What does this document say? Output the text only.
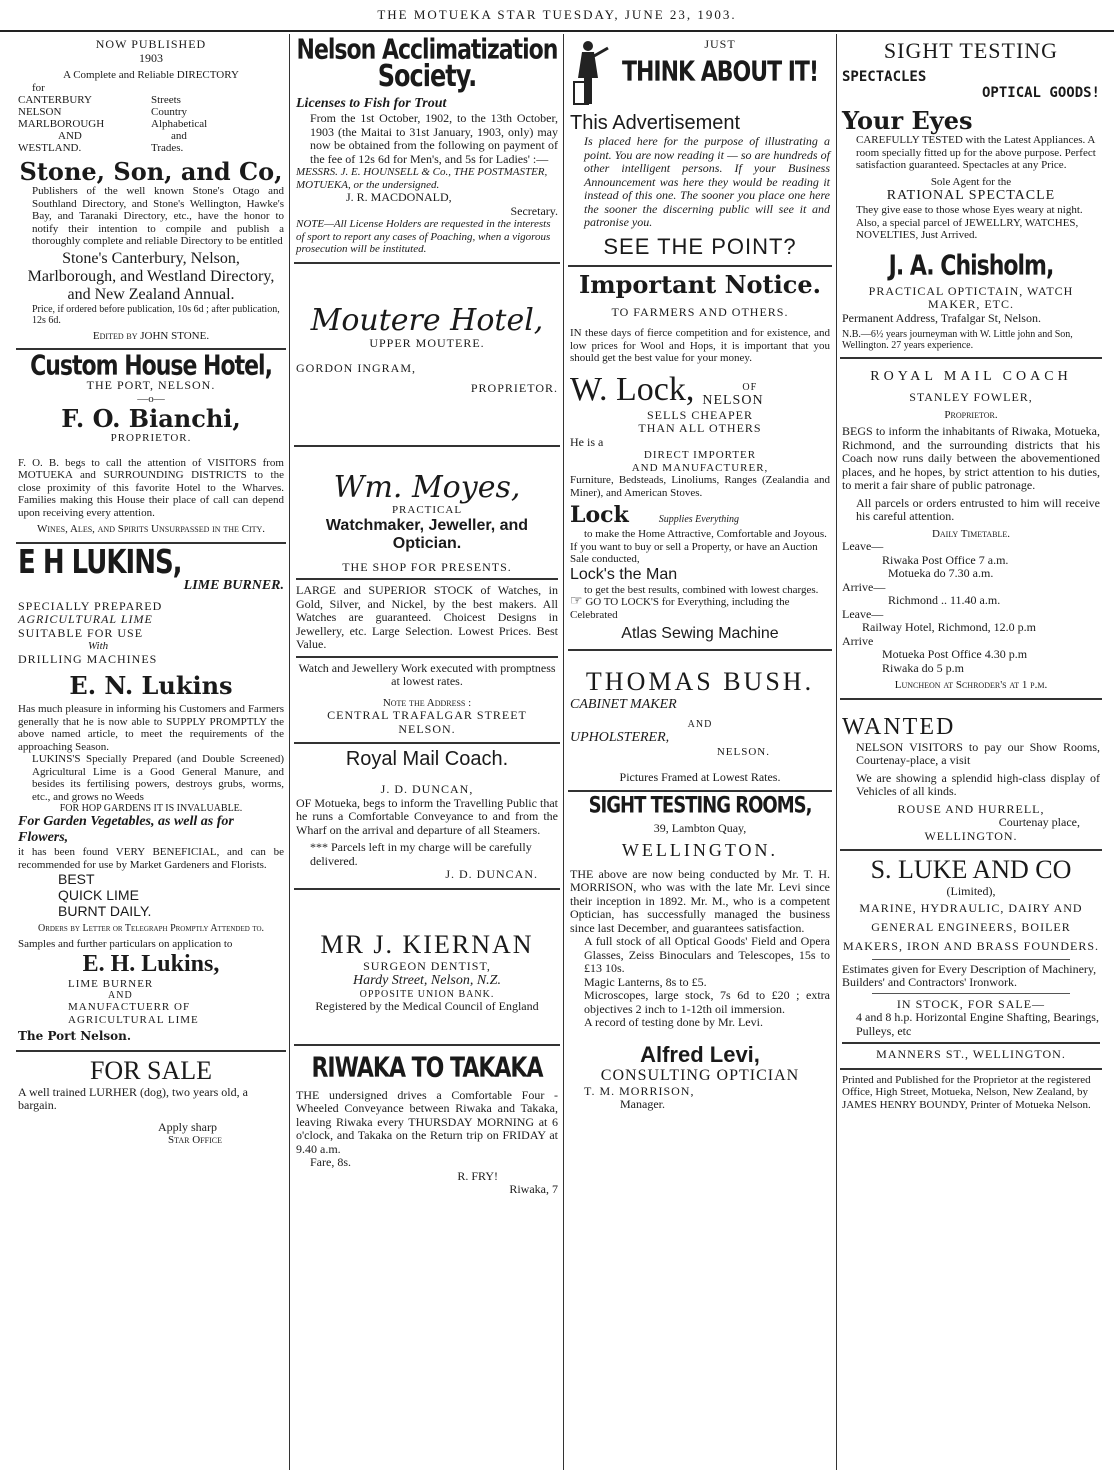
THE MOTUEKA STAR TUESDAY, JUNE 23, 1903.

NOW PUBLISHED

1903

A Complete and Reliable DIRECTORY

for

CANTERBURY

NELSON

MARLBOROUGH

AND

WESTLAND.

Streets

Country

Alphabetical

and

Trades.

Stone, Son, and Co,

Publishers of the well known Stone's Otago and Southland Directory, and Stone's Wellington, Hawke's Bay, and Taranaki Directory, etc., have the honor to notify their intention to compile and publish a thoroughly complete and reliable Directory to be entitled

Stone's Canterbury, Nelson, Marlborough, and Westland Directory, and New Zealand Annual.

Price, if ordered before publication, 10s 6d ; after publication, 12s 6d.

Edited by JOHN STONE.

Custom House Hotel,

THE PORT, NELSON.

—o—

F. O. Bianchi,

PROPRIETOR.

F. O. B. begs to call the attention of VISITORS from MOTUEKA and SURROUNDING DISTRICTS to the close proximity of this favorite Hotel to the Wharves. Families making this House their place of call can depend upon receiving every attention.

Wines, Ales, and Spirits Unsurpassed in the City.

E H LUKINS,

LIME BURNER.

SPECIALLY PREPARED

AGRICULTURAL LIME

SUITABLE FOR USE

With

DRILLING MACHINES

E. N. Lukins

Has much pleasure in informing his Customers and Farmers generally that he is now able to SUPPLY PROMPTLY the above named article, to meet the requirements of the approaching Season.

LUKINS'S Specially Prepared (and Double Screened) Agricultural Lime is a Good General Manure, and besides its fertilising powers, destroys grubs, worms, etc., and grows no Weeds

FOR HOP GARDENS IT IS INVALUABLE.

For Garden Vegetables, as well as for Flowers,

it has been found VERY BENEFICIAL, and can be recommended for use by Market Gardeners and Florists.

BEST

QUICK LIME

BURNT DAILY.

Orders by Letter or Telegraph Promptly Attended to.

Samples and further particulars on application to

E. H. Lukins,

LIME BURNER

AND

MANUFACTUERR OF

AGRICULTURAL LIME

The Port Nelson.

FOR SALE

A well trained LURHER (dog), two years old, a bargain.

Apply sharp

Star Office

Nelson Acclimatization

Society.

Licenses to Fish for Trout

From the 1st October, 1902, to the 13th October, 1903 (the Maitai to 31st January, 1903, only) may now be obtained from the following on payment of the fee of 12s 6d for Men's, and 5s for Ladies' :—

MESSRS. J. E. HOUNSELL & Co., THE POSTMASTER, MOTUEKA, or the undersigned.

J. R. MACDONALD,

Secretary.

NOTE—All License Holders are requested in the interests of sport to report any cases of Poaching, when a vigorous prosecution will be instituted.

Moutere Hotel,

UPPER MOUTERE.

GORDON INGRAM,

PROPRIETOR.

Wm. Moyes,

PRACTICAL

Watchmaker, Jeweller, and Optician.

THE SHOP FOR PRESENTS.

LARGE and SUPERIOR STOCK of Watches, in Gold, Silver, and Nickel, by the best makers. All Watches are guaranteed. Choicest Designs in Jewellery, etc. Large Selection. Lowest Prices. Best Value.

Watch and Jewellery Work executed with promptness at lowest rates.

Note the Address :

CENTRAL TRAFALGAR STREET

NELSON.

Royal Mail Coach.

J. D. DUNCAN,

OF Motueka, begs to inform the Travelling Public that he runs a Comfortable Conveyance to and from the Wharf on the arrival and departure of all Steamers.

*** Parcels left in my charge will be carefully delivered.

J. D. DUNCAN.

MR J. KIERNAN

SURGEON DENTIST,

Hardy Street, Nelson, N.Z.

OPPOSITE UNION BANK.

Registered by the Medical Council of England

RIWAKA TO TAKAKA

THE undersigned drives a Comfortable Four - Wheeled Conveyance between Riwaka and Takaka, leaving Riwaka every THURSDAY MORNING at 6 o'clock, and Takaka on the Return trip on FRIDAY at 9.40 a.m.

Fare, 8s.

R. FRY!

Riwaka, 7

JUST

THINK ABOUT IT!

This Advertisement

Is placed here for the purpose of illustrating a point. You are now reading it — so are hundreds of other intelligent persons. If your Business Announcement was here they would be reading it instead of this one. The sooner you place one here the sooner the discerning public will see it and patronise you.

SEE THE POINT?

Important Notice.

TO FARMERS AND OTHERS.

IN these days of fierce competition and for existence, and low prices for Wool and Hops, it is important that you should get the best value for your money.

W. Lock,	OF

NELSON

SELLS CHEAPER

THAN ALL OTHERS

He is a

DIRECT IMPORTER

AND MANUFACTURER,

Furniture, Bedsteads, Linoliums, Ranges (Zealandia and Miner), and American Stoves.

Lock	Supplies Everything

to make the Home Attractive, Comfortable and Joyous.

If you want to buy or sell a Property, or have an Auction Sale conducted,

Lock's the Man

to get the best results, combined with lowest charges.

☞ GO TO LOCK'S for Everything, including the Celebrated

Atlas Sewing Machine

THOMAS BUSH.

CABINET MAKER

AND

UPHOLSTERER,

NELSON.

Pictures Framed at Lowest Rates.

SIGHT TESTING ROOMS,

39, Lambton Quay,

WELLINGTON.

THE above are now being conducted by Mr. T. H. MORRISON, who was with the late Mr. Levi since their inception in 1892. Mr. M., who is a competent Optician, has successfully managed the business since last December, and guarantees satisfaction.

A full stock of all Optical Goods' Field and Opera Glasses, Zeiss Binoculars and Telescopes, 15s to £13 10s.

Magic Lanterns, 8s to £5.

Microscopes, large stock, 7s 6d to £20 ; extra objectives 2 inch to 1-12th oil immersion.

A record of testing done by Mr. Levi.

Alfred Levi,

CONSULTING OPTICIAN

T. M. MORRISON,

Manager.

SIGHT TESTING

SPECTACLES

OPTICAL GOODS!

Your Eyes

CAREFULLY TESTED with the Latest Appliances. A room specially fitted up for the above purpose. Perfect satisfaction guaranteed. Spectacles at any Price.

Sole Agent for the

RATIONAL SPECTACLE

They give ease to those whose Eyes weary at night.

Also, a special parcel of JEWELLRY, WATCHES, NOVELTIES, Just Arrived.

J. A. Chisholm,

PRACTICAL OPTICTAIN, WATCH MAKER, ETC.

Permanent Address, Trafalgar St, Nelson.

N.B.—6½ years journeyman with W. Little john and Son, Wellington. 27 years experience.

ROYAL MAIL COACH

STANLEY FOWLER,

Proprietor.

BEGS to inform the inhabitants of Riwaka, Motueka, Richmond, and the surrounding districts that his Coach now runs daily between the abovementioned places, and he hopes, by strict attention to his duties, to merit a fair share of public patronage.

All parcels or orders entrusted to him will receive his careful attention.

Daily Timetable.

Leave—

Riwaka Post Office 7 a.m.

Motueka do 7.30 a.m.

Arrive—

Richmond .. 11.40 a.m.

Leave—

Railway Hotel, Richmond, 12.0 p.m

Arrive

Motueka Post Office 4.30 p.m

Riwaka do 5 p.m

Luncheon at Schroder's at 1 p.m.

WANTED

NELSON VISITORS to pay our Show Rooms, Courtenay-place, a visit

We are showing a splendid high-class display of Vehicles of all kinds.

ROUSE AND HURRELL,

Courtenay place,

WELLINGTON.

S. LUKE AND CO

(Limited),

MARINE, HYDRAULIC, DAIRY AND GENERAL ENGINEERS, BOILER MAKERS, IRON AND BRASS FOUNDERS.

Estimates given for Every Description of Machinery, Builders' and Contractors' Ironwork.

IN STOCK, FOR SALE—

4 and 8 h.p. Horizontal Engine Shafting, Bearings, Pulleys, etc

MANNERS ST., WELLINGTON.

Printed and Published for the Proprietor at the registered Office, High Street, Motueka, Nelson, New Zealand, by JAMES HENRY BOUNDY, Printer of Motueka Nelson.
